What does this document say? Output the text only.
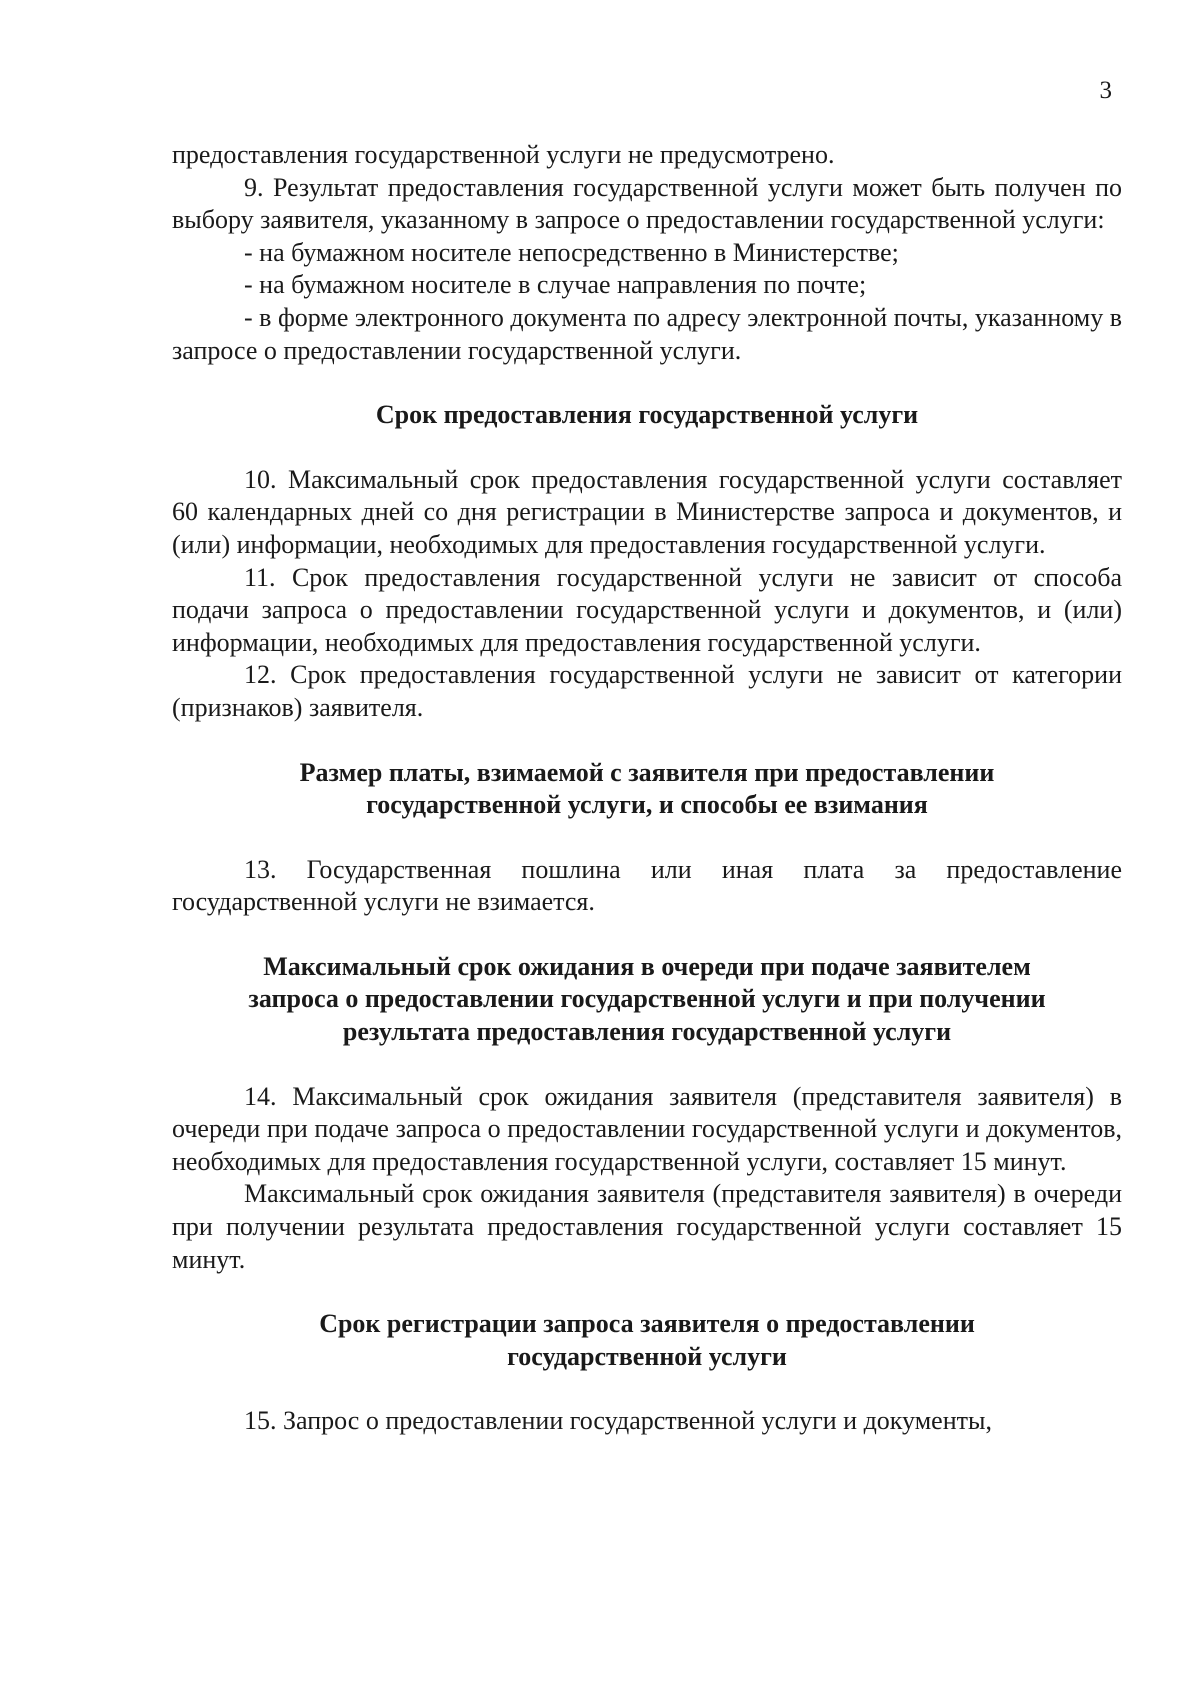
3

предоставления государственной услуги не предусмотрено.

9. Результат предоставления государственной услуги может быть получен по выбору заявителя, указанному в запросе о предоставлении государственной услуги:

- на бумажном носителе непосредственно в Министерстве;

- на бумажном носителе в случае направления по почте;

- в форме электронного документа по адресу электронной почты, указанному в запросе о предоставлении государственной услуги.

Срок предоставления государственной услуги

10. Максимальный срок предоставления государственной услуги составляет 60 календарных дней со дня регистрации в Министерстве запроса и документов, и (или) информации, необходимых для предоставления государственной услуги.

11. Срок предоставления государственной услуги не зависит от способа подачи запроса о предоставлении государственной услуги и документов, и (или) информации, необходимых для предоставления государственной услуги.

12. Срок предоставления государственной услуги не зависит от категории (признаков) заявителя.

Размер платы, взимаемой с заявителя при предоставлении
государственной услуги, и способы ее взимания

13. Государственная пошлина или иная плата за предоставление государственной услуги не взимается.

Максимальный срок ожидания в очереди при подаче заявителем
запроса о предоставлении государственной услуги и при получении
результата предоставления государственной услуги

14. Максимальный срок ожидания заявителя (представителя заявителя) в очереди при подаче запроса о предоставлении государственной услуги и документов, необходимых для предоставления государственной услуги, составляет 15 минут.

Максимальный срок ожидания заявителя (представителя заявителя) в очереди при получении результата предоставления государственной услуги составляет 15 минут.

Срок регистрации запроса заявителя о предоставлении
государственной услуги

15. Запрос о предоставлении государственной услуги и документы,
